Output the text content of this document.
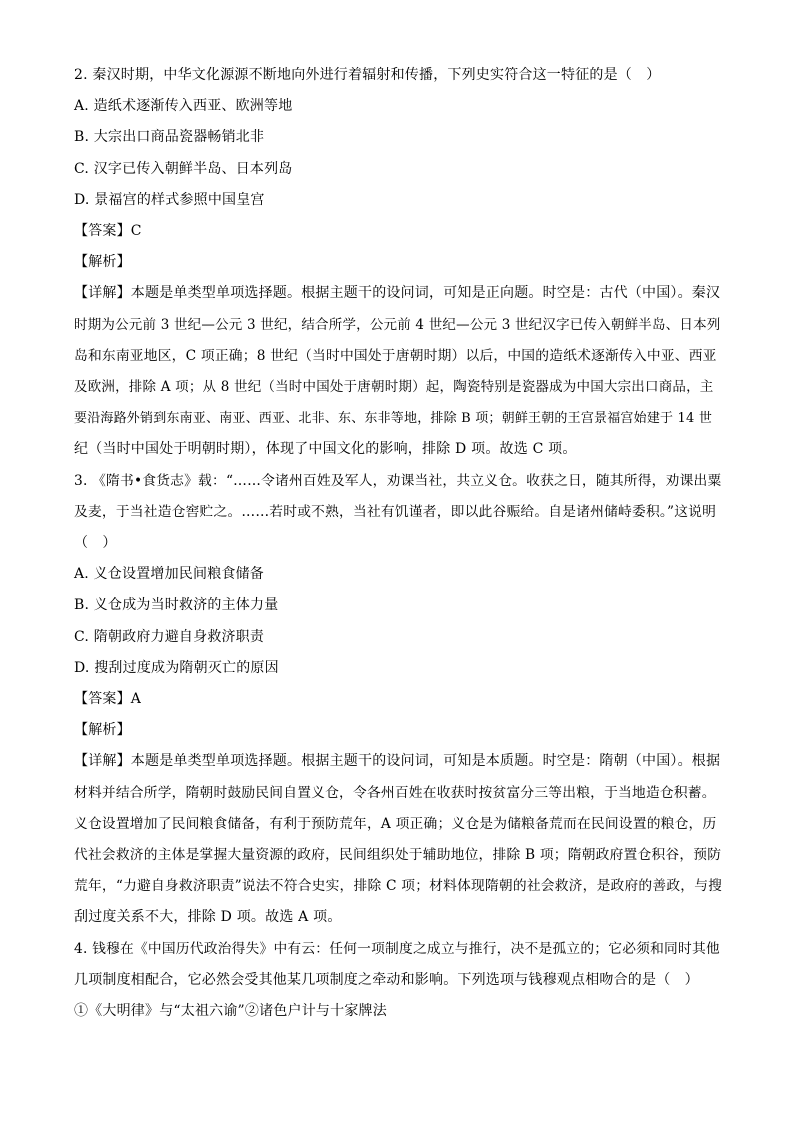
2. 秦汉时期，中华文化源源不断地向外进行着辐射和传播，下列史实符合这一特征的是（　）
A. 造纸术逐渐传入西亚、欧洲等地
B. 大宗出口商品瓷器畅销北非
C. 汉字已传入朝鲜半岛、日本列岛
D. 景福宫的样式参照中国皇宫
【答案】C
【解析】
【详解】本题是单类型单项选择题。根据主题干的设问词，可知是正向题。时空是：古代（中国）。秦汉
时期为公元前 3 世纪—公元 3 世纪，结合所学，公元前 4 世纪—公元 3 世纪汉字已传入朝鲜半岛、日本列
岛和东南亚地区，C 项正确；8 世纪（当时中国处于唐朝时期）以后，中国的造纸术逐渐传入中亚、西亚
及欧洲，排除 A 项；从 8 世纪（当时中国处于唐朝时期）起，陶瓷特别是瓷器成为中国大宗出口商品，主
要沿海路外销到东南亚、南亚、西亚、北非、东、东非等地，排除 B 项；朝鲜王朝的王宫景福宫始建于 14 世
纪（当时中国处于明朝时期），体现了中国文化的影响，排除 D 项。故选 C 项。
3. 《隋书•食货志》载：“……令诸州百姓及军人，劝课当社，共立义仓。收获之日，随其所得，劝课出粟
及麦，于当社造仓窖贮之。……若时或不熟，当社有饥谨者，即以此谷赈给。自是诸州储峙委积。”这说明
（　）
A. 义仓设置增加民间粮食储备
B. 义仓成为当时救济的主体力量
C. 隋朝政府力避自身救济职责
D. 搜刮过度成为隋朝灭亡的原因
【答案】A
【解析】
【详解】本题是单类型单项选择题。根据主题干的设问词，可知是本质题。时空是：隋朝（中国）。根据
材料并结合所学，隋朝时鼓励民间自置义仓，令各州百姓在收获时按贫富分三等出粮，于当地造仓积蓄。
义仓设置增加了民间粮食储备，有利于预防荒年，A 项正确；义仓是为储粮备荒而在民间设置的粮仓，历
代社会救济的主体是掌握大量资源的政府，民间组织处于辅助地位，排除 B 项；隋朝政府置仓积谷，预防
荒年，“力避自身救济职责”说法不符合史实，排除 C 项；材料体现隋朝的社会救济，是政府的善政，与搜
刮过度关系不大，排除 D 项。故选 A 项。
4. 钱穆在《中国历代政治得失》中有云：任何一项制度之成立与推行，决不是孤立的；它必须和同时其他
几项制度相配合，它必然会受其他某几项制度之牵动和影响。下列选项与钱穆观点相吻合的是（　）
①《大明律》与“太祖六谕”②诸色户计与十家牌法
